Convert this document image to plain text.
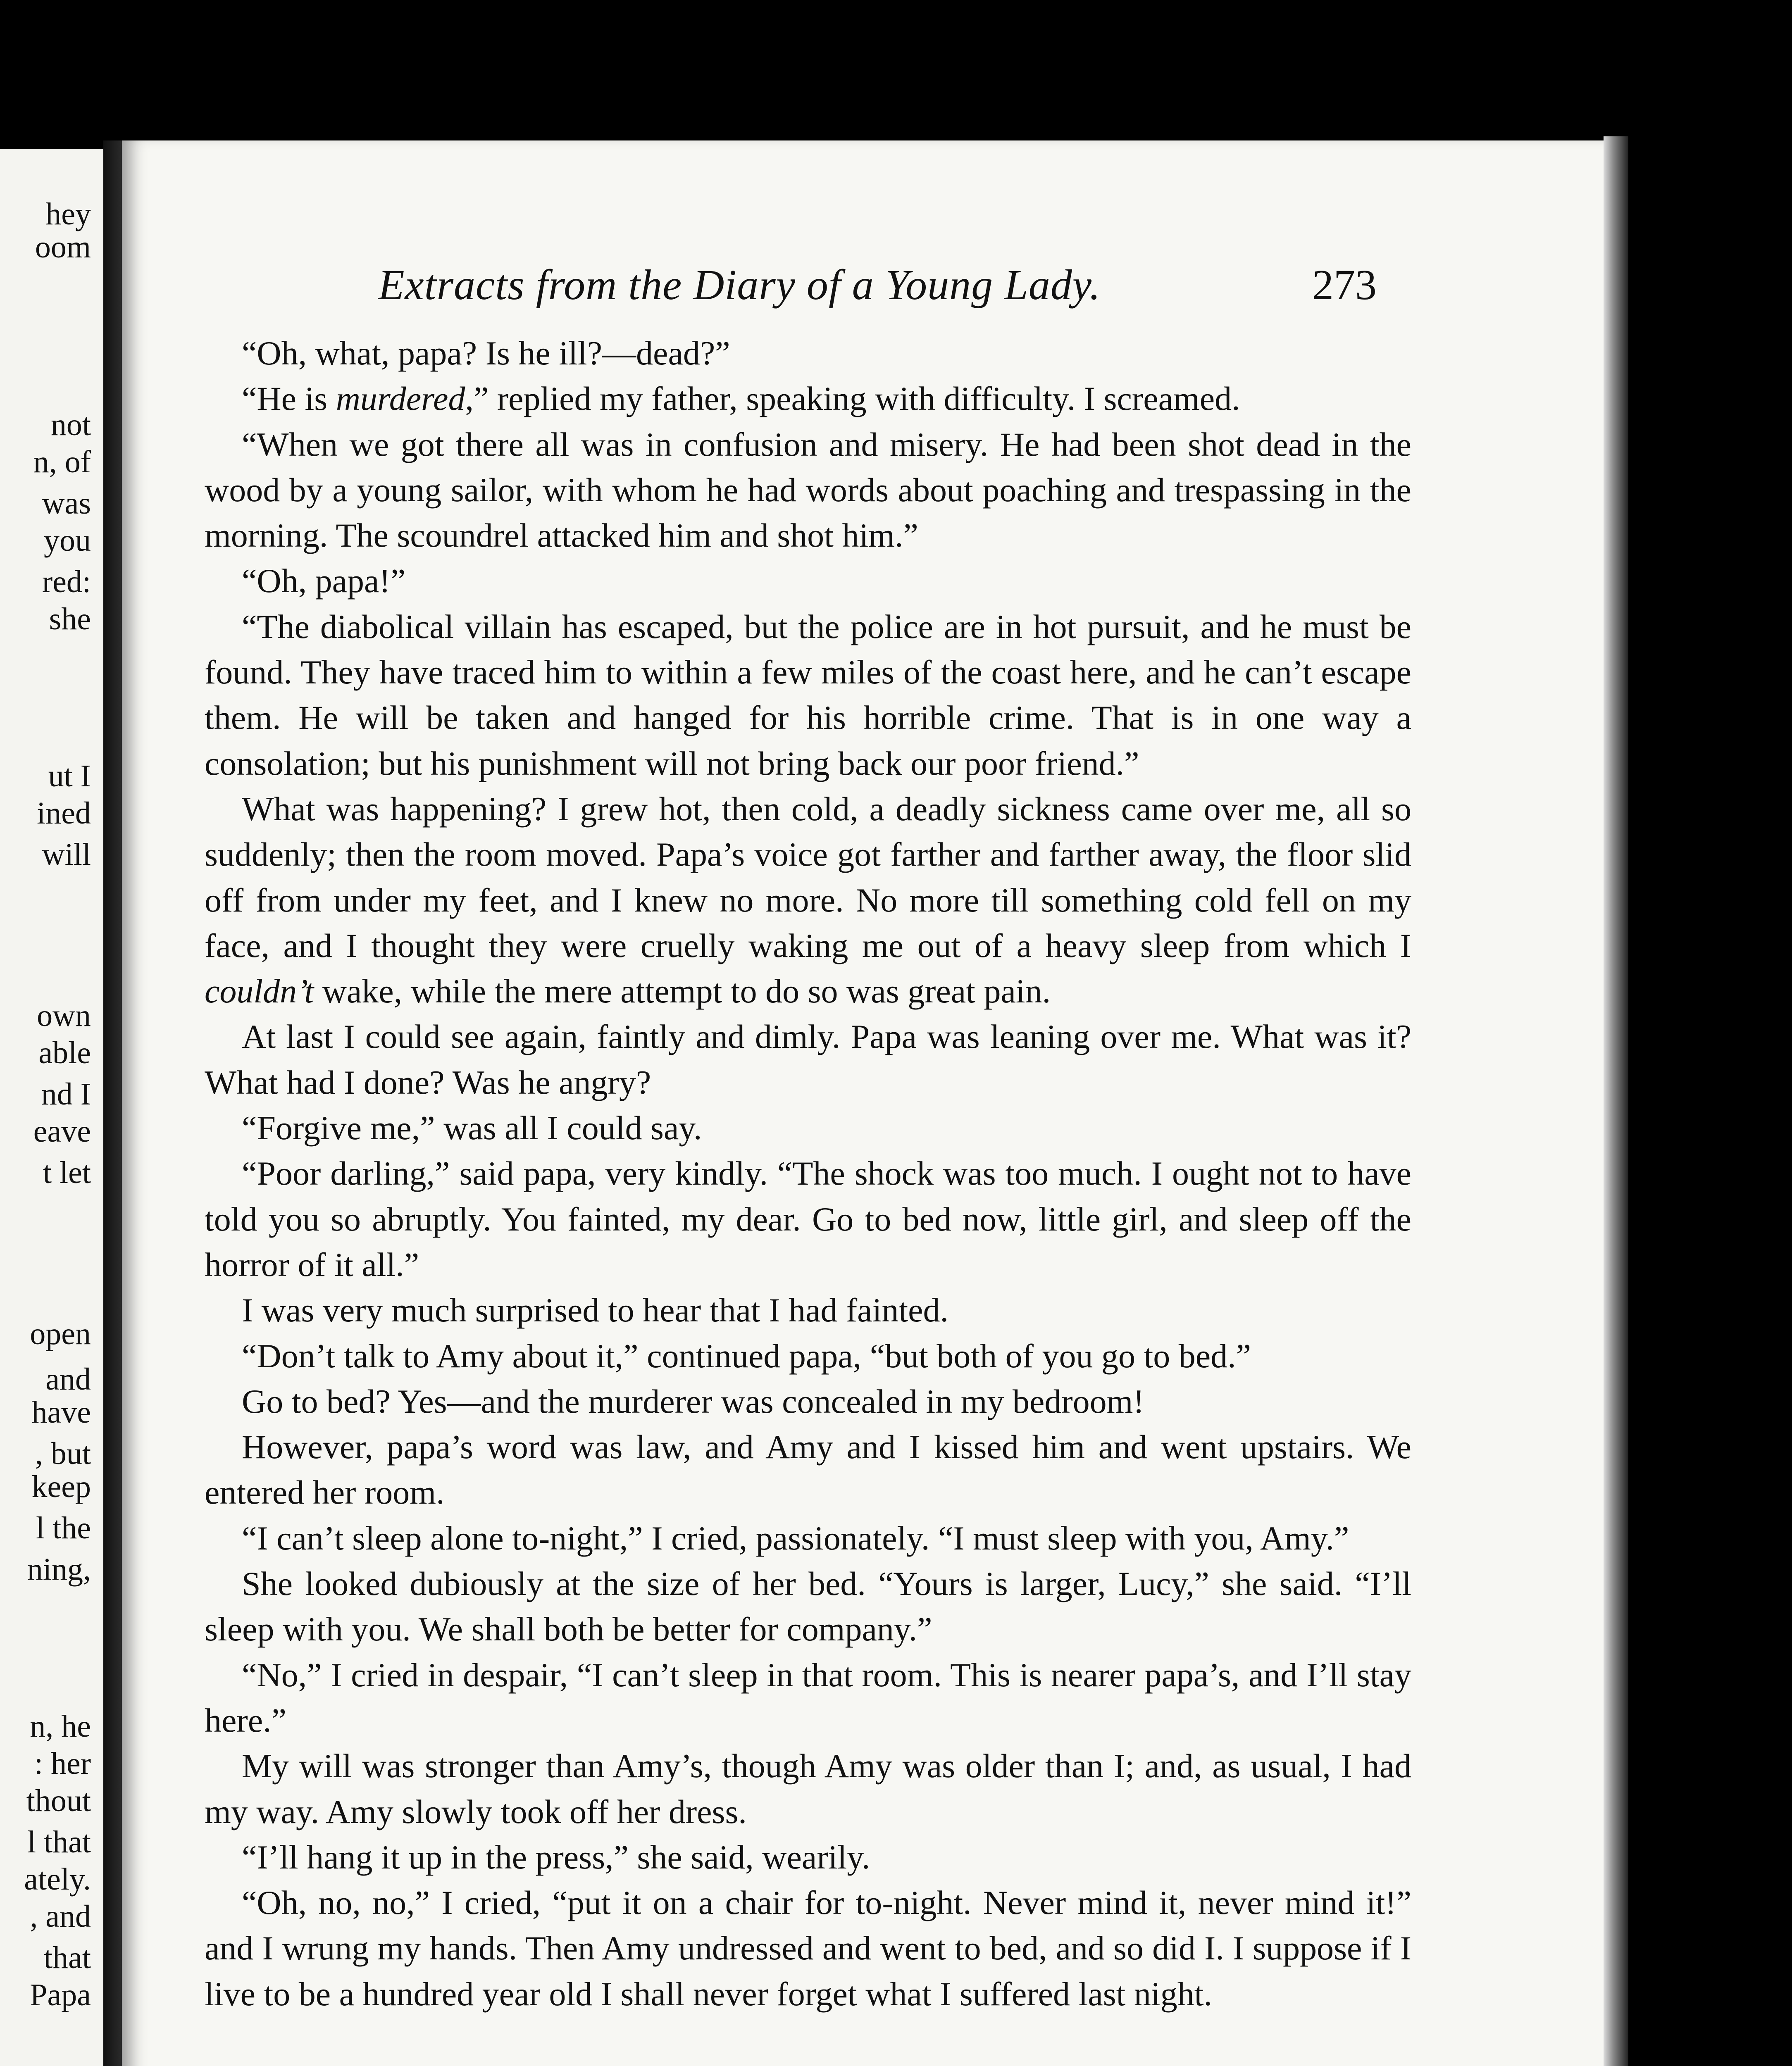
hey
oom
not
n, of
was
you
red:
she
ut I
ined
will
own
able
nd I
eave
t let
open
and
have
, but
keep
l the
ning,
n, he
: her
thout
l that
ately.
, and
that
Papa
Extracts from the Diary of a Young Lady.	273

“Oh, what, papa? Is he ill?—dead?”

“He is murdered,” replied my father, speaking with difficulty. I screamed.

“When we got there all was in confusion and misery. He had been shot dead in the wood by a young sailor, with whom he had words about poaching and trespassing in the morning. The scoundrel attacked him and shot him.”

“Oh, papa!”

“The diabolical villain has escaped, but the police are in hot pursuit, and he must be found. They have traced him to within a few miles of the coast here, and he can’t escape them. He will be taken and hanged for his horrible crime. That is in one way a consolation; but his punishment will not bring back our poor friend.”

What was happening? I grew hot, then cold, a deadly sickness came over me, all so suddenly; then the room moved. Papa’s voice got farther and farther away, the floor slid off from under my feet, and I knew no more. No more till something cold fell on my face, and I thought they were cruelly waking me out of a heavy sleep from which I couldn’t wake, while the mere attempt to do so was great pain.

At last I could see again, faintly and dimly. Papa was leaning over me. What was it? What had I done? Was he angry?

“Forgive me,” was all I could say.

“Poor darling,” said papa, very kindly. “The shock was too much. I ought not to have told you so abruptly. You fainted, my dear. Go to bed now, little girl, and sleep off the horror of it all.”

I was very much surprised to hear that I had fainted.

“Don’t talk to Amy about it,” continued papa, “but both of you go to bed.”

Go to bed? Yes—and the murderer was concealed in my bedroom!

However, papa’s word was law, and Amy and I kissed him and went upstairs. We entered her room.

“I can’t sleep alone to-night,” I cried, passionately. “I must sleep with you, Amy.”

She looked dubiously at the size of her bed. “Yours is larger, Lucy,” she said. “I’ll sleep with you. We shall both be better for company.”

“No,” I cried in despair, “I can’t sleep in that room. This is nearer papa’s, and I’ll stay here.”

My will was stronger than Amy’s, though Amy was older than I; and, as usual, I had my way. Amy slowly took off her dress.

“I’ll hang it up in the press,” she said, wearily.

“Oh, no, no,” I cried, “put it on a chair for to-night. Never mind it, never mind it!” and I wrung my hands. Then Amy undressed and went to bed, and so did I. I suppose if I live to be a hundred year old I shall never forget what I suffered last night.
